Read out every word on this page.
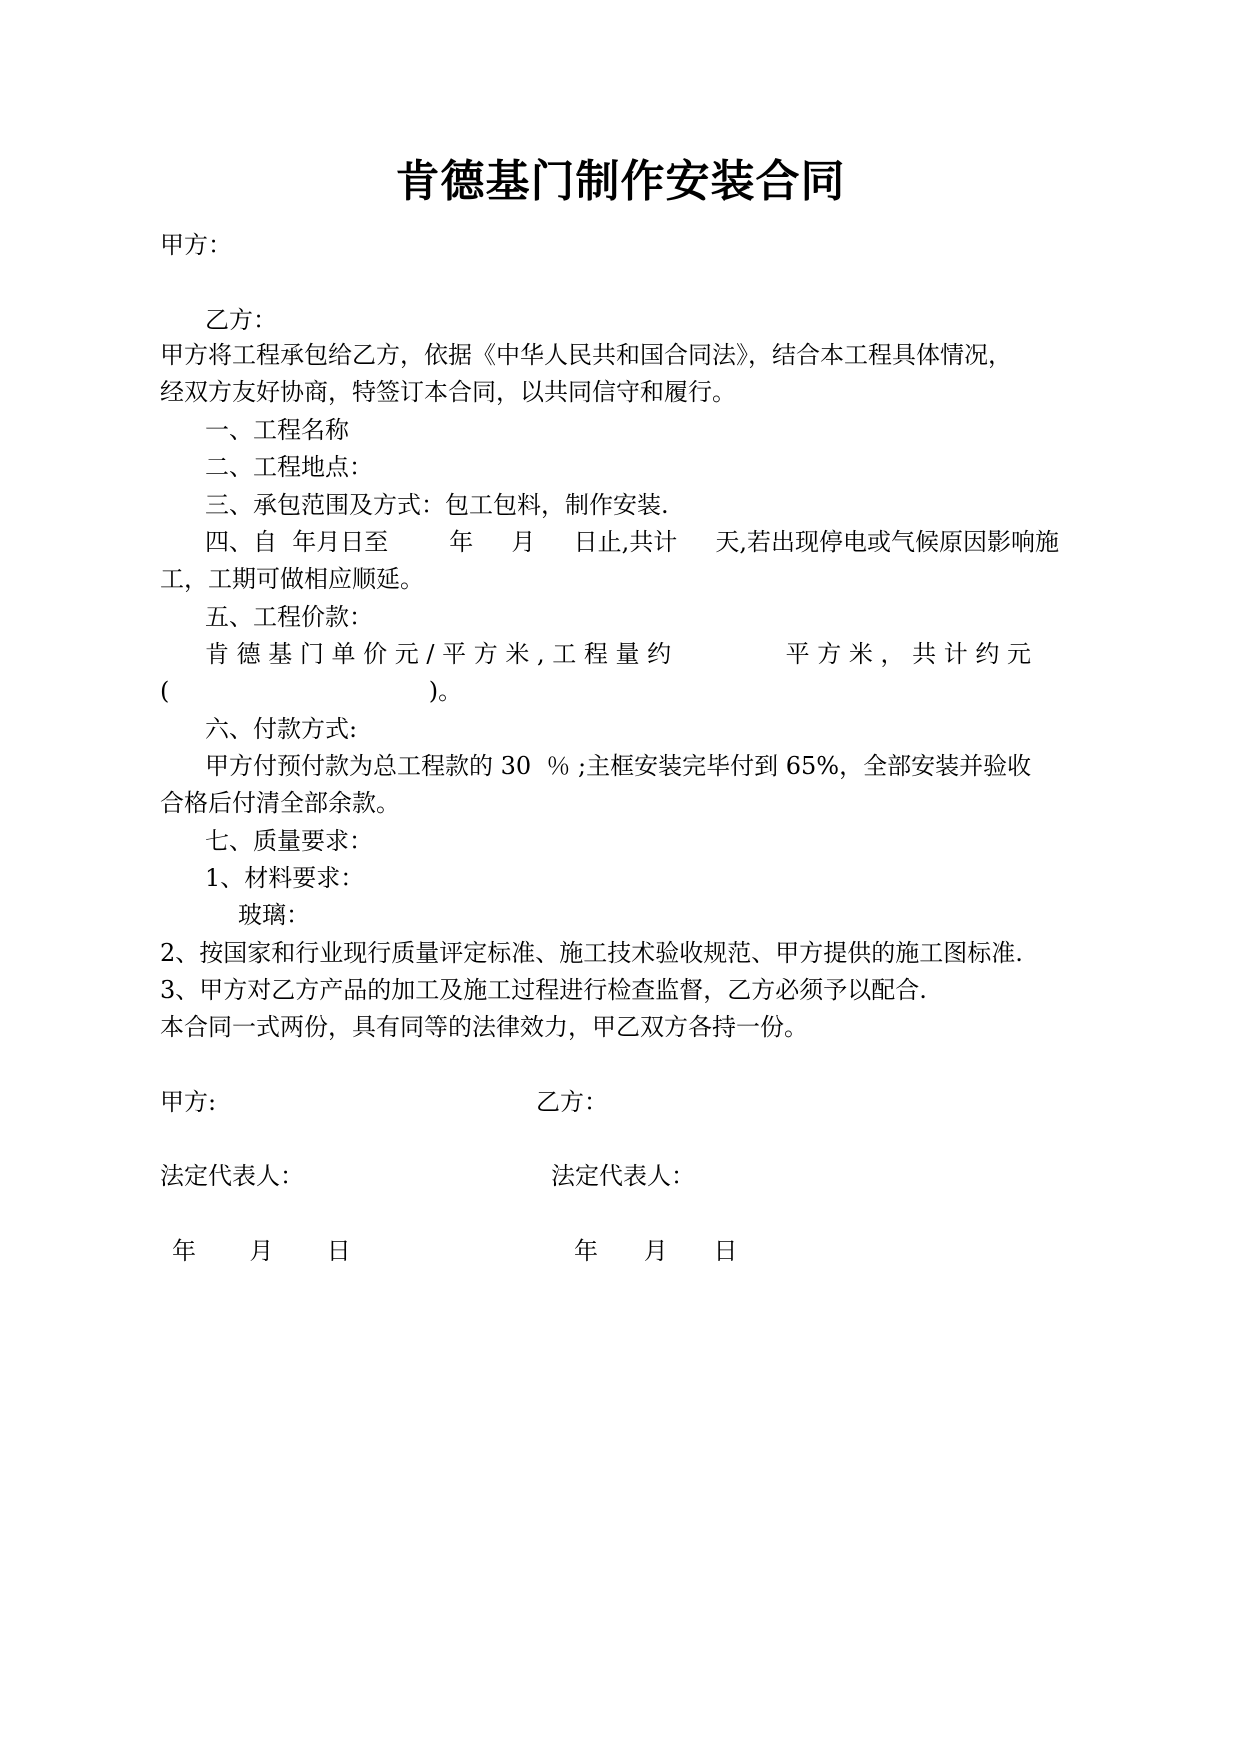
肯德基门制作安装合同
甲方：
乙方：
甲方将工程承包给乙方，依据《中华人民共和国合同法》，结合本工程具体情况，
经双方友好协商，特签订本合同，以共同信守和履行。
一、工程名称
二、工程地点：
三、承包范围及方式：包工包料，制作安装.
四、自  年月日至        年     月     日止,共计     天,若出现停电或气候原因影响施
工，工期可做相应顺延。
五、工程价款：
肯 德 基 门 单 价 元 / 平 方 米 , 工 程 量 约               平 方 米 ， 共 计 约 元
(                                  )。
六、付款方式:
甲方付预付款为总工程款的 30  ％ ;主框安装完毕付到 65%，全部安装并验收
合格后付清全部余款。
七、质量要求：
1、材料要求：
玻璃：
2、按国家和行业现行质量评定标准、施工技术验收规范、甲方提供的施工图标准.
3、甲方对乙方产品的加工及施工过程进行检查监督，乙方必须予以配合.
本合同一式两份，具有同等的法律效力，甲乙双方各持一份。
甲方:	乙方：
法定代表人：	法定代表人：
年       月       日	年      月      日
